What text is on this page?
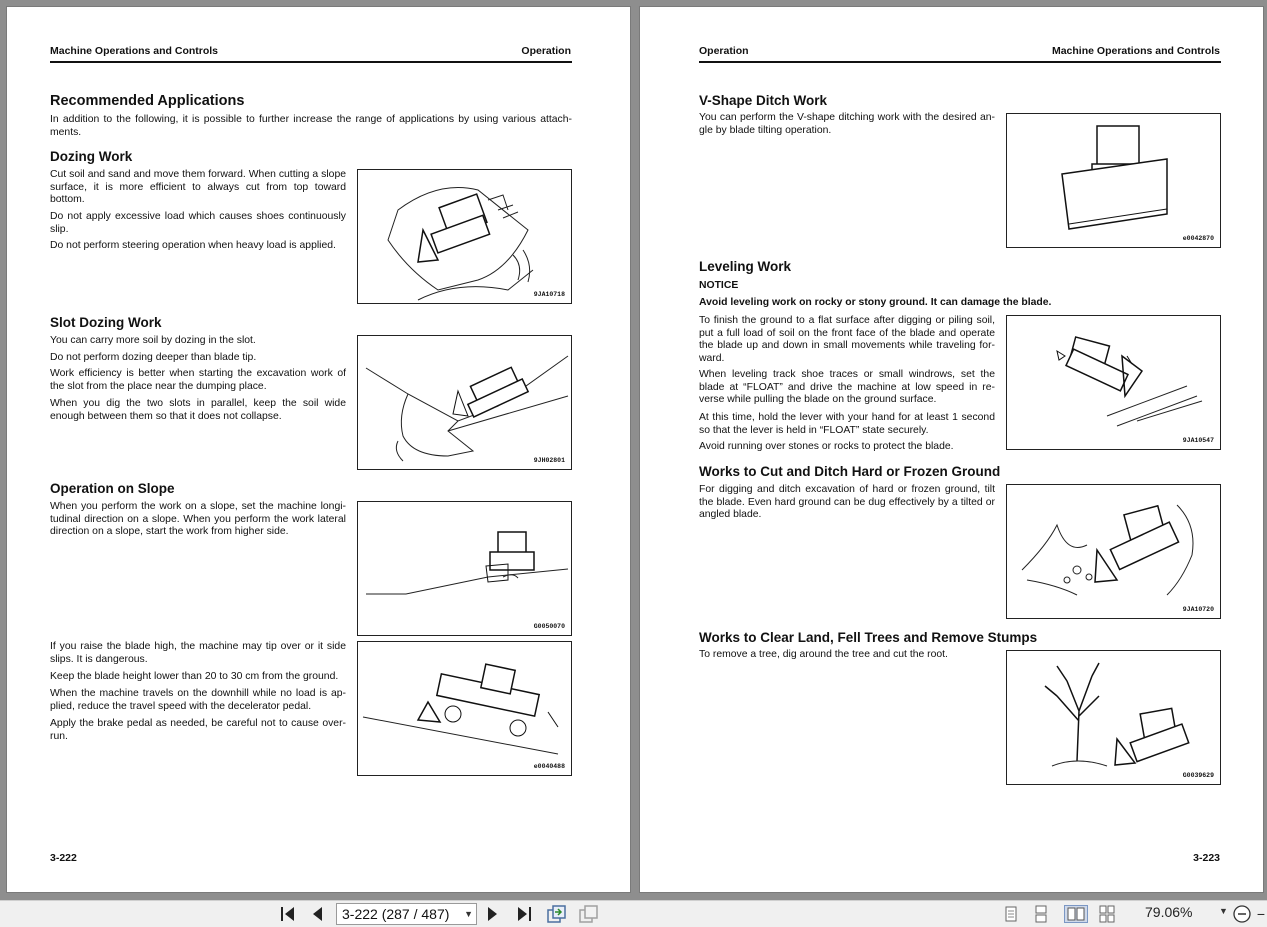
Machine Operations and Controls	Operation
Recommended Applications
In addition to the following, it is possible to further increase the range of applications by using various attach-ments.
Dozing Work
Cut soil and sand and move them forward. When cutting a slope surface, it is more efficient to always cut from top toward bottom.
Do not apply excessive load which causes shoes continuously slip.
Do not perform steering operation when heavy load is applied.
9JA10718
Slot Dozing Work
You can carry more soil by dozing in the slot.
Do not perform dozing deeper than blade tip.
Work efficiency is better when starting the excavation work of the slot from the place near the dumping place.
When you dig the two slots in parallel, keep the soil wide enough between them so that it does not collapse.
9JH02801
Operation on Slope
When you perform the work on a slope, set the machine longi-tudinal direction on a slope. When you perform the work lateral direction on a slope, start the work from higher side.
G0050070
If you raise the blade high, the machine may tip over or it side slips. It is dangerous.
Keep the blade height lower than 20 to 30 cm from the ground.
When the machine travels on the downhill while no load is ap-plied, reduce the travel speed with the decelerator pedal.
Apply the brake pedal as needed, be careful not to cause over-run.
e0040488
3-222
Operation	Machine Operations and Controls
V-Shape Ditch Work
You can perform the V-shape ditching work with the desired an-gle by blade tilting operation.
e0042870
Leveling Work
NOTICE
Avoid leveling work on rocky or stony ground. It can damage the blade.
To finish the ground to a flat surface after digging or piling soil, put a full load of soil on the front face of the blade and operate the blade up and down in small movements while traveling for-ward.
When leveling track shoe traces or small windrows, set the blade at “FLOAT” and drive the machine at low speed in re-verse while pulling the blade on the ground surface.
At this time, hold the lever with your hand for at least 1 second so that the lever is held in “FLOAT” state securely.
Avoid running over stones or rocks to protect the blade.
9JA10547
Works to Cut and Ditch Hard or Frozen Ground
For digging and ditch excavation of hard or frozen ground, tilt the blade. Even hard ground can be dug effectively by a tilted or angled blade.
9JA10720
Works to Clear Land, Fell Trees and Remove Stumps
To remove a tree, dig around the tree and cut the root.
G0039629
3-223
3-222 (287 / 487) ▼	79.06%	▼ −
